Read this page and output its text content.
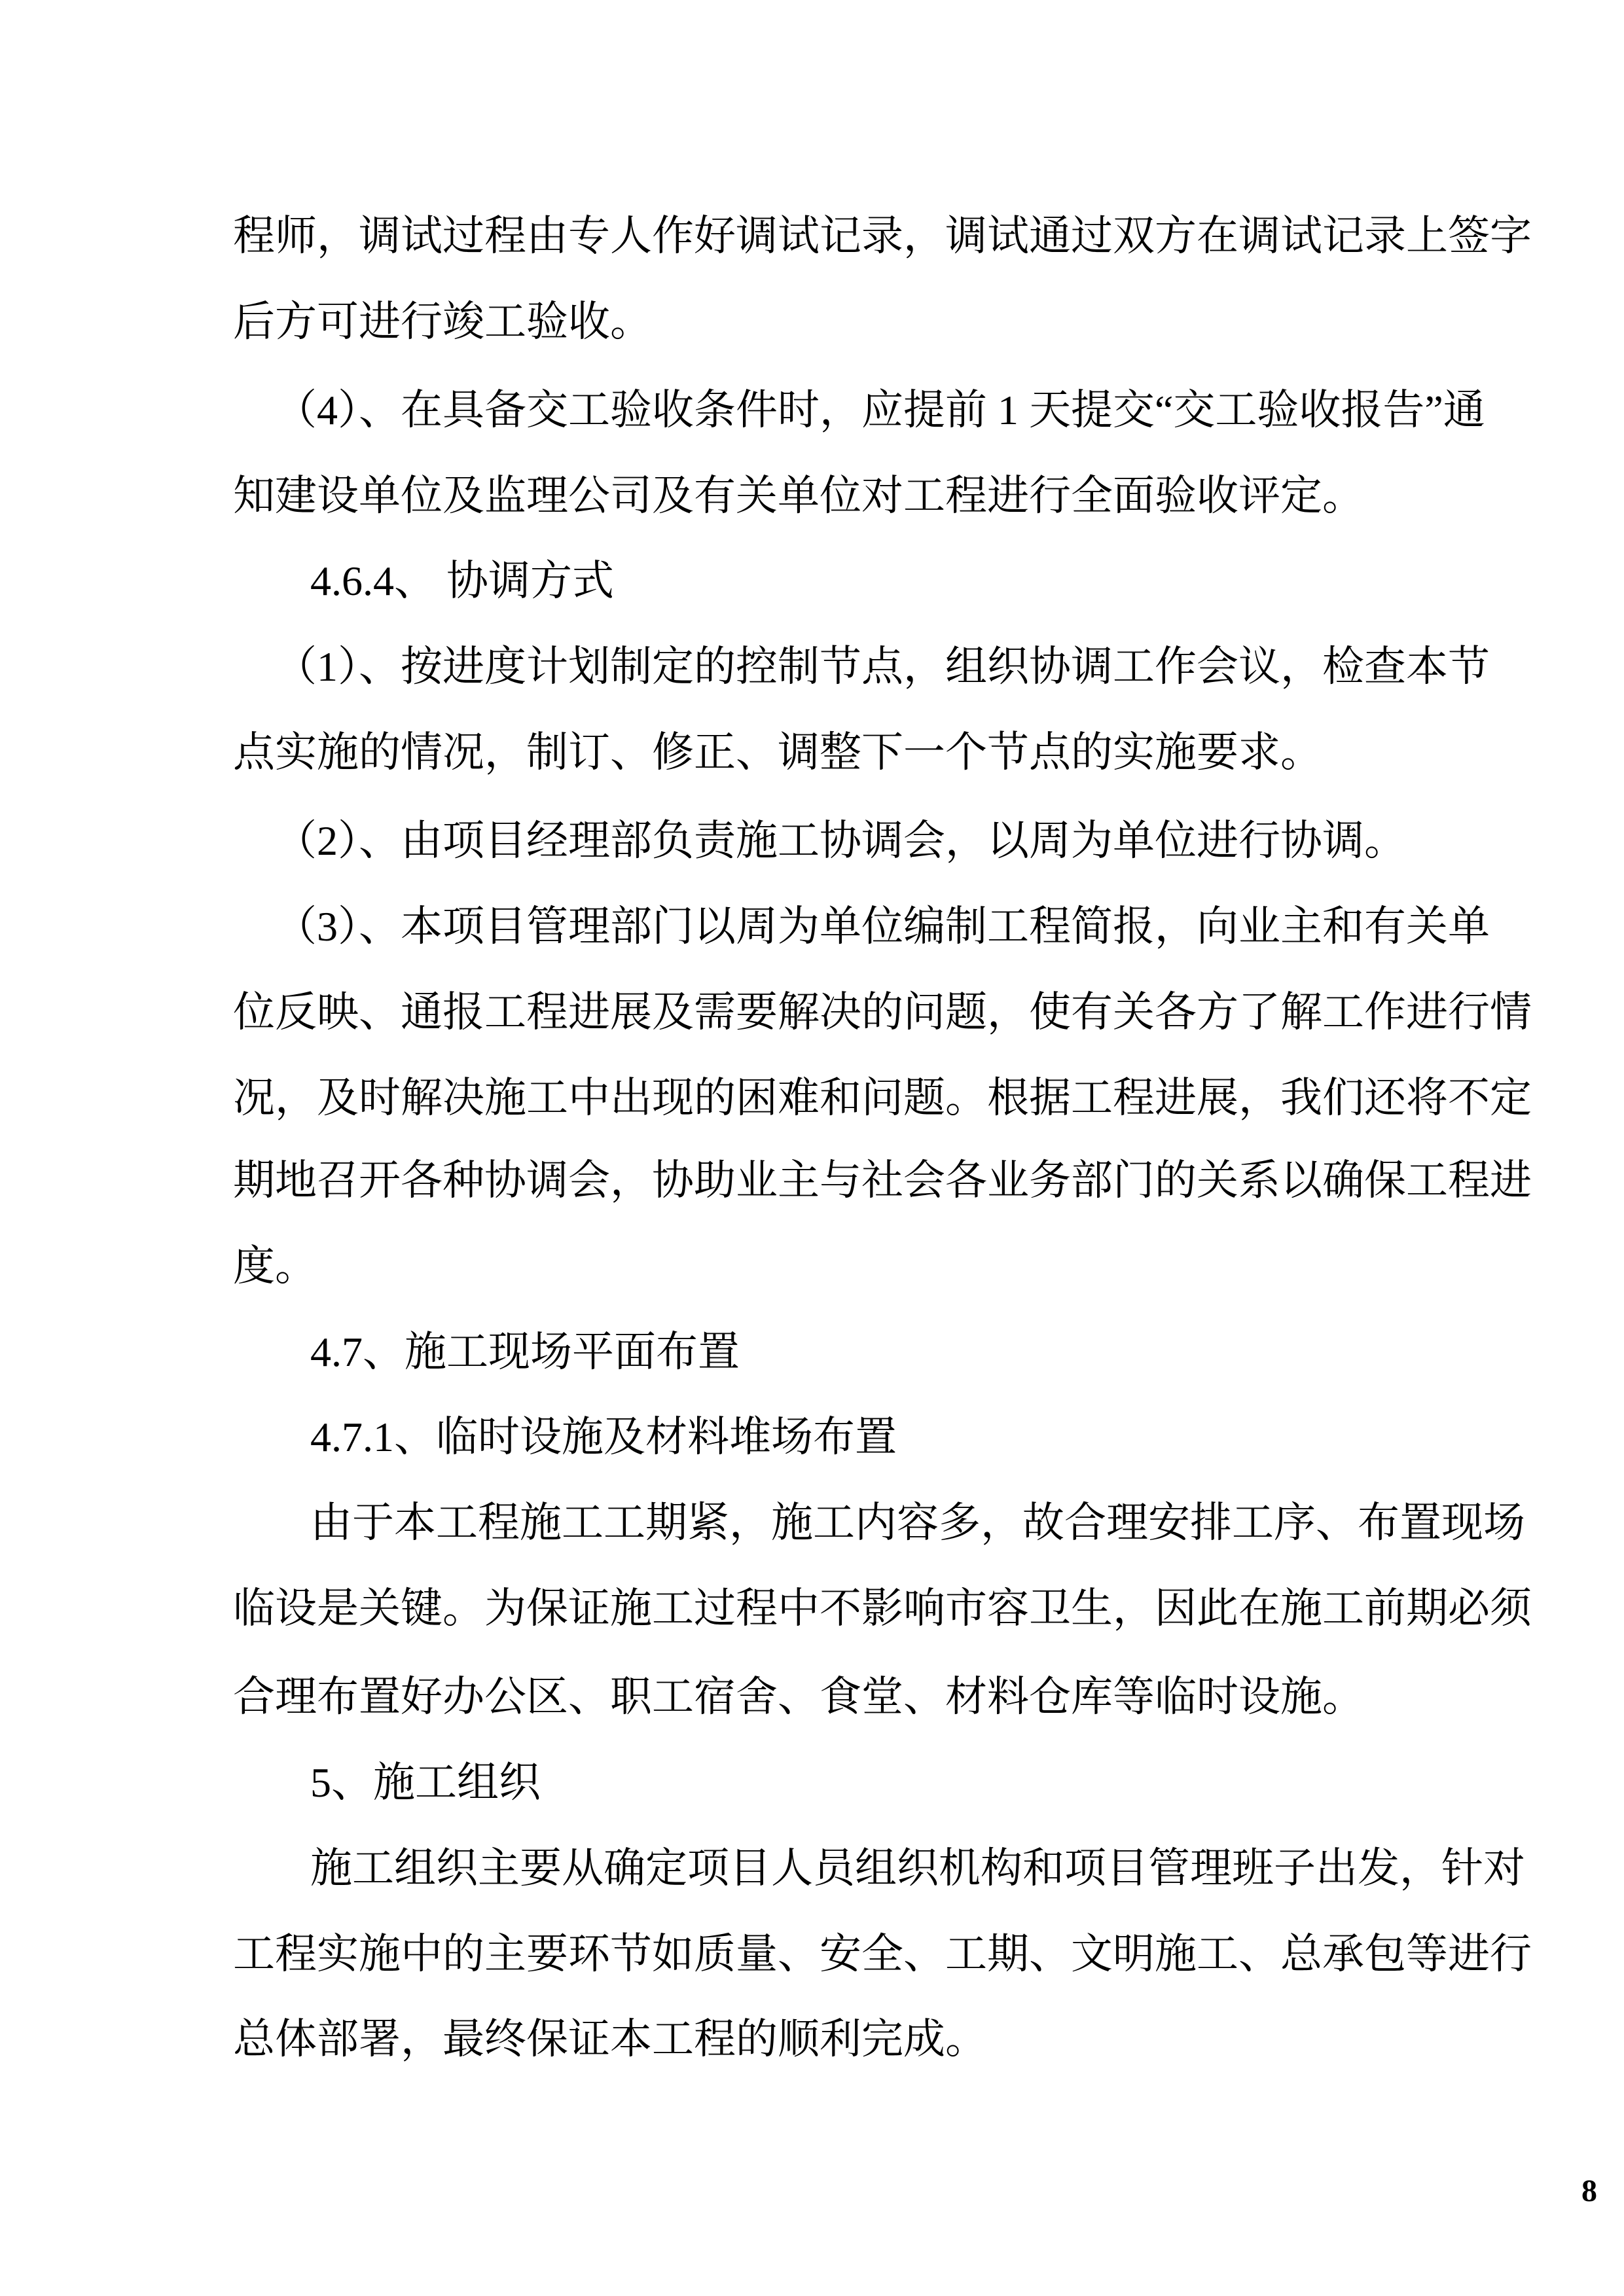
程师，调试过程由专人作好调试记录，调试通过双方在调试记录上签字
后方可进行竣工验收。
（4）、在具备交工验收条件时，应提前 1 天提交“交工验收报告”通
知建设单位及监理公司及有关单位对工程进行全面验收评定。
4.6.4、 协调方式
（1）、按进度计划制定的控制节点，组织协调工作会议，检查本节
点实施的情况，制订、修正、调整下一个节点的实施要求。
（2）、由项目经理部负责施工协调会，以周为单位进行协调。
（3）、本项目管理部门以周为单位编制工程简报，向业主和有关单
位反映、通报工程进展及需要解决的问题，使有关各方了解工作进行情
况，及时解决施工中出现的困难和问题。根据工程进展，我们还将不定
期地召开各种协调会，协助业主与社会各业务部门的关系以确保工程进
度。
4.7、施工现场平面布置
4.7.1、临时设施及材料堆场布置
由于本工程施工工期紧，施工内容多，故合理安排工序、布置现场
临设是关键。为保证施工过程中不影响市容卫生，因此在施工前期必须
合理布置好办公区、职工宿舍、食堂、材料仓库等临时设施。
5、施工组织
施工组织主要从确定项目人员组织机构和项目管理班子出发，针对
工程实施中的主要环节如质量、安全、工期、文明施工、总承包等进行
总体部署，最终保证本工程的顺利完成。
8
